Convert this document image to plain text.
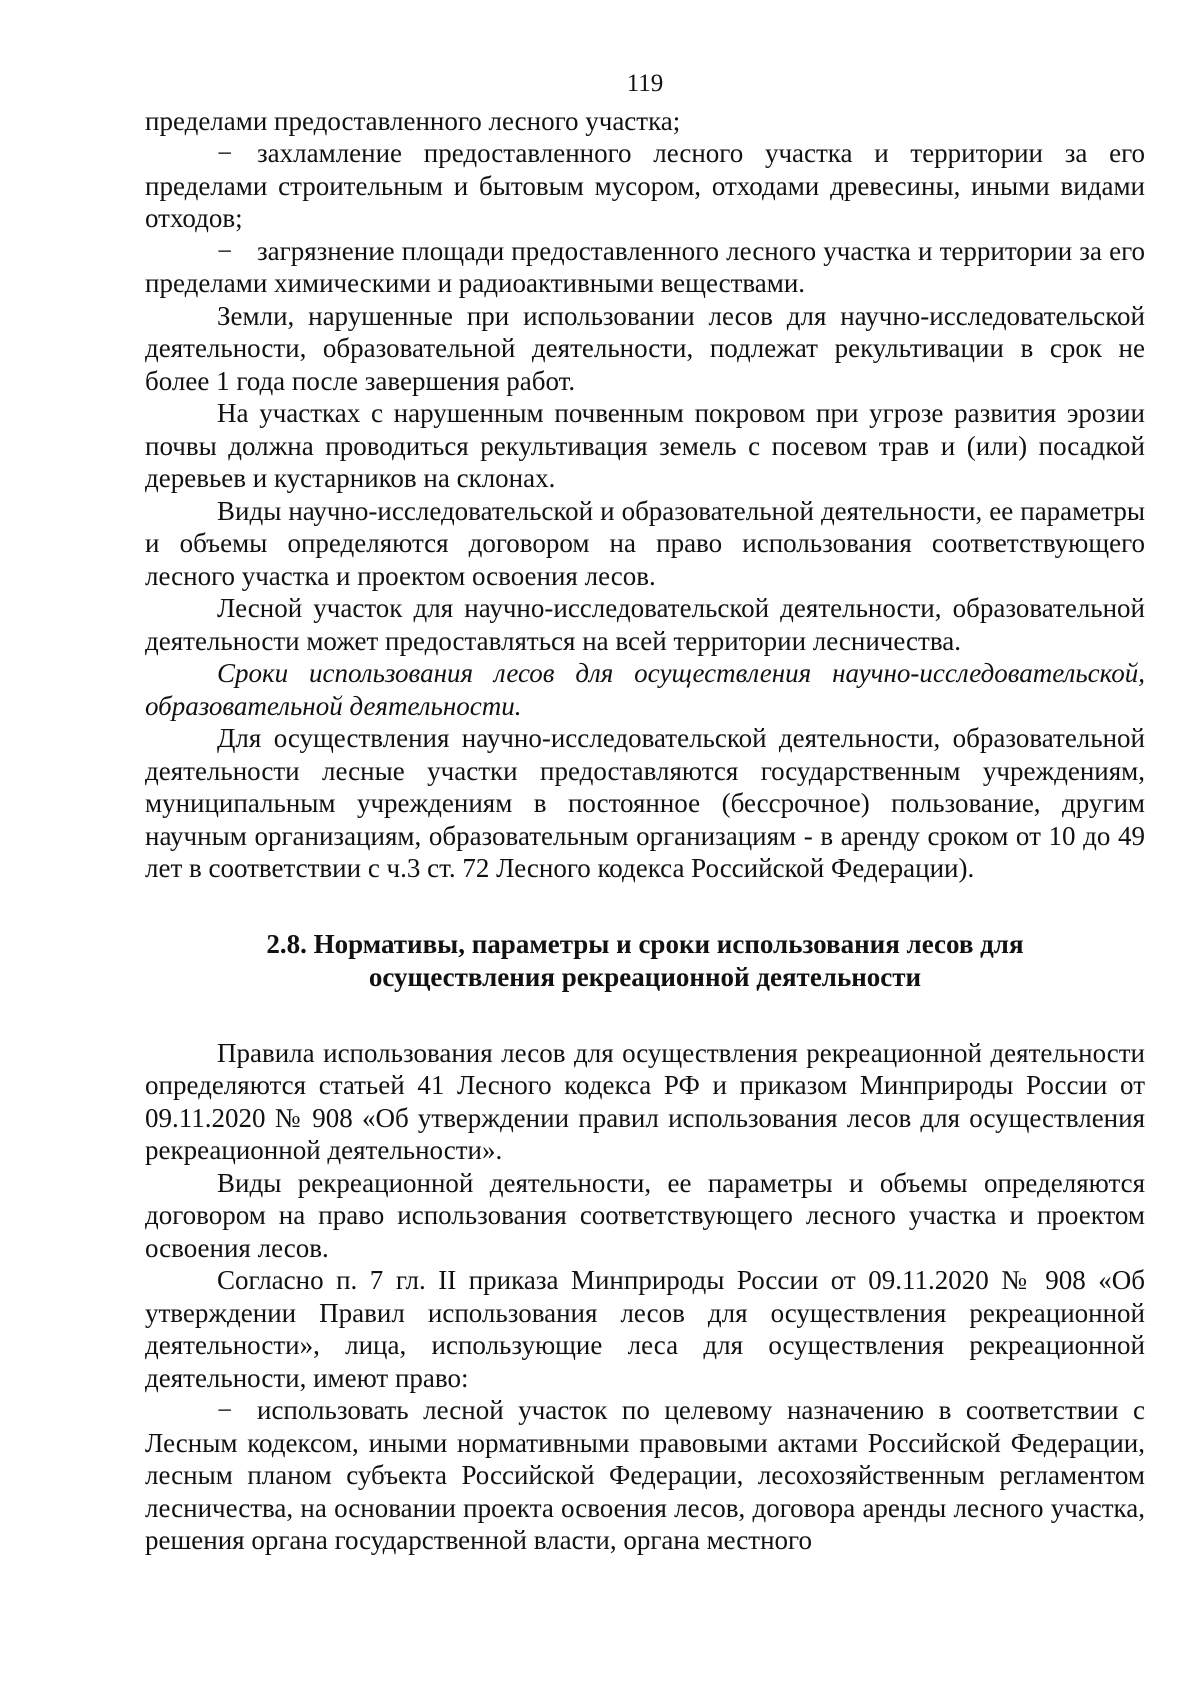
119

пределами предоставленного лесного участка;

− захламление предоставленного лесного участка и территории за его пределами строительным и бытовым мусором, отходами древесины, иными видами отходов;

− загрязнение площади предоставленного лесного участка и территории за его пределами химическими и радиоактивными веществами.

Земли, нарушенные при использовании лесов для научно-исследовательской деятельности, образовательной деятельности, подлежат рекультивации в срок не более 1 года после завершения работ.

На участках с нарушенным почвенным покровом при угрозе развития эрозии почвы должна проводиться рекультивация земель с посевом трав и (или) посадкой деревьев и кустарников на склонах.

Виды научно-исследовательской и образовательной деятельности, ее параметры и объемы определяются договором на право использования соответствующего лесного участка и проектом освоения лесов.

Лесной участок для научно-исследовательской деятельности, образовательной деятельности может предоставляться на всей территории лесничества.

Сроки использования лесов для осуществления научно-исследовательской, образовательной деятельности.

Для осуществления научно-исследовательской деятельности, образовательной деятельности лесные участки предоставляются государственным учреждениям, муниципальным учреждениям в постоянное (бессрочное) пользование, другим научным организациям, образовательным организациям - в аренду сроком от 10 до 49 лет в соответствии с ч.3 ст. 72 Лесного кодекса Российской Федерации).

2.8. Нормативы, параметры и сроки использования лесов для
осуществления рекреационной деятельности

Правила использования лесов для осуществления рекреационной деятельности определяются статьей 41 Лесного кодекса РФ и приказом Минприроды России от 09.11.2020 № 908 «Об утверждении правил использования лесов для осуществления рекреационной деятельности».

Виды рекреационной деятельности, ее параметры и объемы определяются договором на право использования соответствующего лесного участка и проектом освоения лесов.

Согласно п. 7 гл. II приказа Минприроды России от 09.11.2020 № 908 «Об утверждении Правил использования лесов для осуществления рекреационной деятельности», лица, использующие леса для осуществления рекреационной деятельности, имеют право:

− использовать лесной участок по целевому назначению в соответствии с Лесным кодексом, иными нормативными правовыми актами Российской Федерации, лесным планом субъекта Российской Федерации, лесохозяйственным регламентом лесничества, на основании проекта освоения лесов, договора аренды лесного участка, решения органа государственной власти, органа местного
